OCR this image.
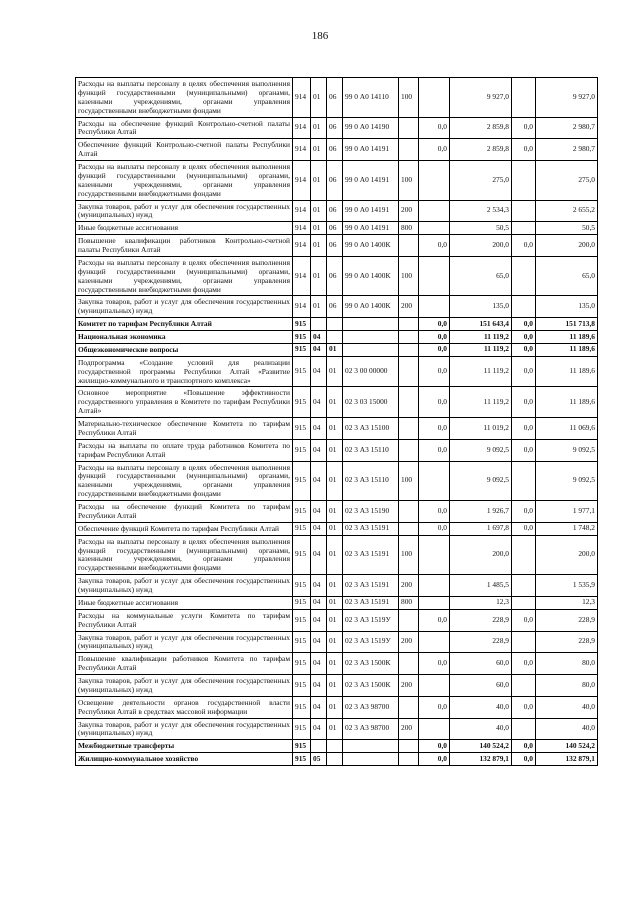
186
Расходы на выплаты персоналу в целях обеспечения выполнения функций государственными (муниципальными) органами, казенными учреждениями, органами управления государственными внебюджетными фондами	914	01	06	99 0 А0 14110	100		9 927,0		9 927,0
Расходы на обеспечение функций Контрольно-счетной палаты Республики Алтай	914	01	06	99 0 А0 14190		0,0	2 859,8	0,0	2 980,7
Обеспечение функций Контрольно-счетной палаты Республики Алтай	914	01	06	99 0 А0 14191		0,0	2 859,8	0,0	2 980,7
Расходы на выплаты персоналу в целях обеспечения выполнения функций государственными (муниципальными) органами, казенными учреждениями, органами управления государственными внебюджетными фондами	914	01	06	99 0 А0 14191	100		275,0		275,0
Закупка товаров, работ и услуг для обеспечения государственных (муниципальных) нужд	914	01	06	99 0 А0 14191	200		2 534,3		2 655,2
Иные бюджетные ассигнования	914	01	06	99 0 А0 14191	800		50,5		50,5
Повышение квалификации работников Контрольно-счетной палаты Республики Алтай	914	01	06	99 0 А0 1400К		0,0	200,0	0,0	200,0
Расходы на выплаты персоналу в целях обеспечения выполнения функций государственными (муниципальными) органами, казенными учреждениями, органами управления государственными внебюджетными фондами	914	01	06	99 0 А0 1400К	100		65,0		65,0
Закупка товаров, работ и услуг для обеспечения государственных (муниципальных) нужд	914	01	06	99 0 А0 1400К	200		135,0		135,0
Комитет по тарифам Республики Алтай	915					0,0	151 643,4	0,0	151 713,8
Национальная экономика	915	04				0,0	11 119,2	0,0	11 189,6
Общеэкономические вопросы	915	04	01			0,0	11 119,2	0,0	11 189,6
Подпрограмма «Создание условий для реализации государственной программы Республики Алтай «Развитие жилищно-коммунального и транспортного комплекса»	915	04	01	02 3 00 00000		0,0	11 119,2	0,0	11 189,6
Основное мероприятие «Повышение эффективности государственного управления в Комитете по тарифам Республики Алтай»	915	04	01	02 3 03 15000		0,0	11 119,2	0,0	11 189,6
Материально-техническое обеспечение Комитета по тарифам Республики Алтай	915	04	01	02 3 А3 15100		0,0	11 019,2	0,0	11 069,6
Расходы на выплаты по оплате труда работников Комитета по тарифам Республики Алтай	915	04	01	02 3 А3 15110		0,0	9 092,5	0,0	9 092,5
Расходы на выплаты персоналу в целях обеспечения выполнения функций государственными (муниципальными) органами, казенными учреждениями, органами управления государственными внебюджетными фондами	915	04	01	02 3 А3 15110	100		9 092,5		9 092,5
Расходы на обеспечение функций Комитета по тарифам Республики Алтай	915	04	01	02 3 А3 15190		0,0	1 926,7	0,0	1 977,1
Обеспечение функций Комитета по тарифам Республики Алтай	915	04	01	02 3 А3 15191		0,0	1 697,8	0,0	1 748,2
Расходы на выплаты персоналу в целях обеспечения выполнения функций государственными (муниципальными) органами, казенными учреждениями, органами управления государственными внебюджетными фондами	915	04	01	02 3 А3 15191	100		200,0		200,0
Закупка товаров, работ и услуг для обеспечения государственных (муниципальных) нужд	915	04	01	02 3 А3 15191	200		1 485,5		1 535,9
Иные бюджетные ассигнования	915	04	01	02 3 А3 15191	800		12,3		12,3
Расходы на коммунальные услуги Комитета по тарифам Республики Алтай	915	04	01	02 3 А3 1519У		0,0	228,9	0,0	228,9
Закупка товаров, работ и услуг для обеспечения государственных (муниципальных) нужд	915	04	01	02 3 А3 1519У	200		228,9		228,9
Повышение квалификации работников Комитета по тарифам Республики Алтай	915	04	01	02 3 А3 1500К		0,0	60,0	0,0	80,0
Закупка товаров, работ и услуг для обеспечения государственных (муниципальных) нужд	915	04	01	02 3 А3 1500К	200		60,0		80,0
Освещение деятельности органов государственной власти Республики Алтай в средствах массовой информации	915	04	01	02 3 А3 98700		0,0	40,0	0,0	40,0
Закупка товаров, работ и услуг для обеспечения государственных (муниципальных) нужд	915	04	01	02 3 А3 98700	200		40,0		40,0
Межбюджетные трансферты	915					0,0	140 524,2	0,0	140 524,2
Жилищно-коммунальное хозяйство	915	05				0,0	132 879,1	0,0	132 879,1
